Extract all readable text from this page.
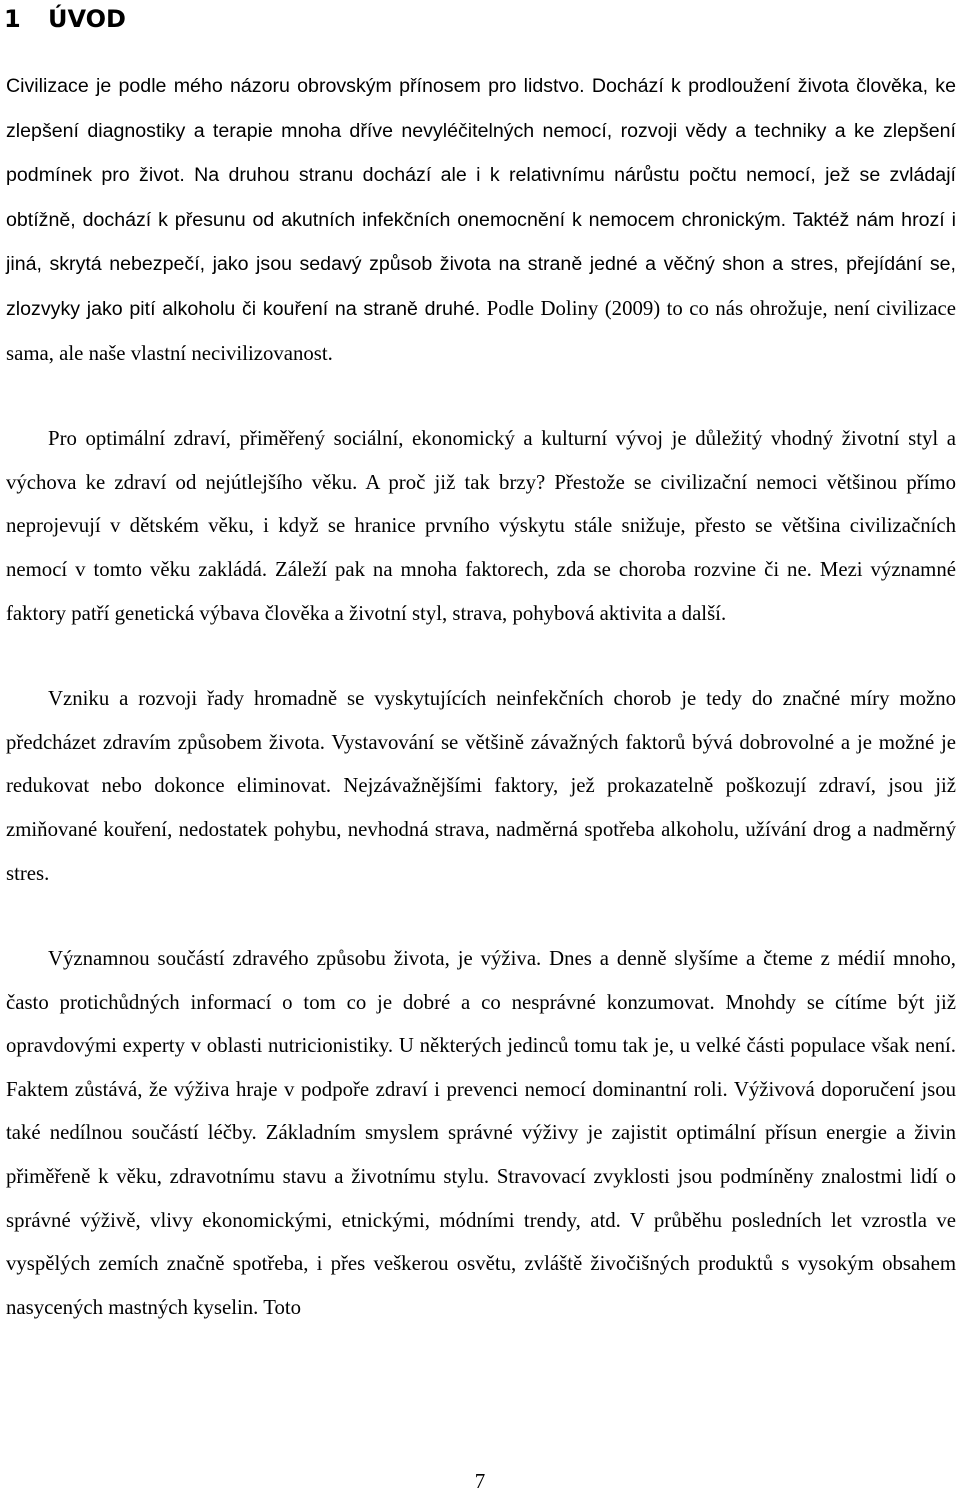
1 ÚVOD

Civilizace je podle mého názoru obrovským přínosem pro lidstvo. Dochází k prodloužení života člověka, ke zlepšení diagnostiky a terapie mnoha dříve nevyléčitelných nemocí, rozvoji vědy a techniky a ke zlepšení podmínek pro život. Na druhou stranu dochází ale i k relativnímu nárůstu počtu nemocí, jež se zvládají obtížně, dochází k přesunu od akutních infekčních onemocnění k nemocem chronickým. Taktéž nám hrozí i jiná, skrytá nebezpečí, jako jsou sedavý způsob života na straně jedné a věčný shon a stres, přejídání se, zlozvyky jako pití alkoholu či kouření na straně druhé. Podle Doliny (2009) to co nás ohrožuje, není civilizace sama, ale naše vlastní necivilizovanost.

Pro optimální zdraví, přiměřený sociální, ekonomický a kulturní vývoj je důležitý vhodný životní styl a výchova ke zdraví od nejútlejšího věku. A proč již tak brzy? Přestože se civilizační nemoci většinou přímo neprojevují v dětském věku, i když se hranice prvního výskytu stále snižuje, přesto se většina civilizačních nemocí v tomto věku zakládá. Záleží pak na mnoha faktorech, zda se choroba rozvine či ne. Mezi významné faktory patří genetická výbava člověka a životní styl, strava, pohybová aktivita a další.

Vzniku a rozvoji řady hromadně se vyskytujících neinfekčních chorob je tedy do značné míry možno předcházet zdravím způsobem života. Vystavování se většině závažných faktorů bývá dobrovolné a je možné je redukovat nebo dokonce eliminovat. Nejzávažnějšími faktory, jež prokazatelně poškozují zdraví, jsou již zmiňované kouření, nedostatek pohybu, nevhodná strava, nadměrná spotřeba alkoholu, užívání drog a nadměrný stres.

Významnou součástí zdravého způsobu života, je výživa. Dnes a denně slyšíme a čteme z médií mnoho, často protichůdných informací o tom co je dobré a co nesprávné konzumovat. Mnohdy se cítíme být již opravdovými experty v oblasti nutricionistiky. U některých jedinců tomu tak je, u velké části populace však není. Faktem zůstává, že výživa hraje v podpoře zdraví i prevenci nemocí dominantní roli. Výživová doporučení jsou také nedílnou součástí léčby. Základním smyslem správné výživy je zajistit optimální přísun energie a živin přiměřeně k věku, zdravotnímu stavu a životnímu stylu. Stravovací zvyklosti jsou podmíněny znalostmi lidí o správné výživě, vlivy ekonomickými, etnickými, módními trendy, atd. V průběhu posledních let vzrostla ve vyspělých zemích značně spotřeba, i přes veškerou osvětu, zvláště živočišných produktů s vysokým obsahem nasycených mastných kyselin. Toto

7
